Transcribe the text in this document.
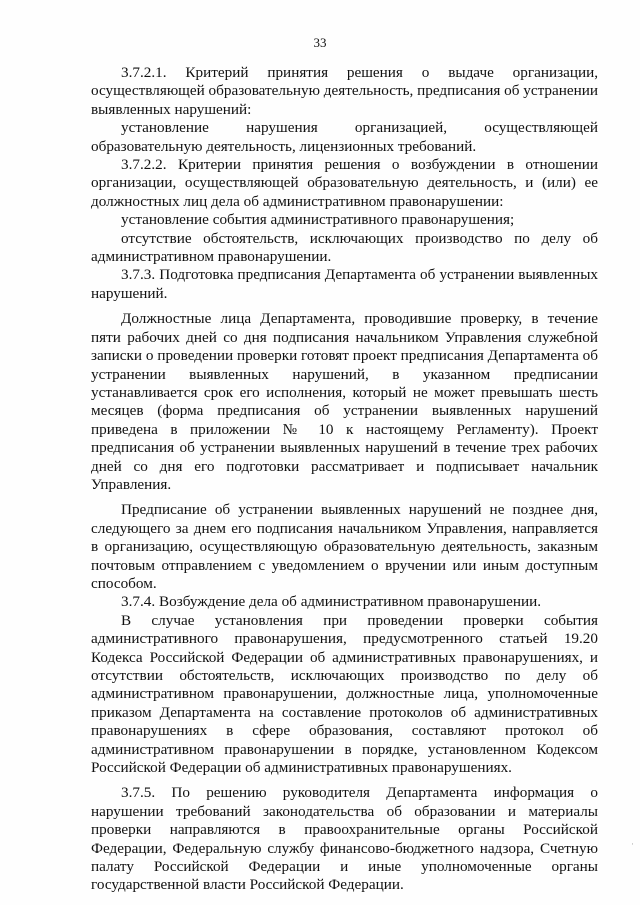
33

3.7.2.1. Критерий принятия решения о выдаче организации, осуществляющей образовательную деятельность, предписания об устранении выявленных нарушений:

установление нарушения организацией, осуществляющей образовательную деятельность, лицензионных требований.

3.7.2.2. Критерии принятия решения о возбуждении в отношении организации, осуществляющей образовательную деятельность, и (или) ее должностных лиц дела об административном правонарушении:

установление события административного правонарушения;

отсутствие обстоятельств, исключающих производство по делу об административном правонарушении.

3.7.3. Подготовка предписания Департамента об устранении выявленных нарушений.

Должностные лица Департамента, проводившие проверку, в течение пяти рабочих дней со дня подписания начальником Управления служебной записки о проведении проверки готовят проект предписания Департамента об устранении выявленных нарушений, в указанном предписании устанавливается срок его исполнения, который не может превышать шесть месяцев (форма предписания об устранении выявленных нарушений приведена в приложении № 10 к настоящему Регламенту). Проект предписания об устранении выявленных нарушений в течение трех рабочих дней со дня его подготовки рассматривает и подписывает начальник Управления.

Предписание об устранении выявленных нарушений не позднее дня, следующего за днем его подписания начальником Управления, направляется в организацию, осуществляющую образовательную деятельность, заказным почтовым отправлением с уведомлением о вручении или иным доступным способом.

3.7.4. Возбуждение дела об административном правонарушении.

В случае установления при проведении проверки события административного правонарушения, предусмотренного статьей 19.20 Кодекса Российской Федерации об административных правонарушениях, и отсутствии обстоятельств, исключающих производство по делу об административном правонарушении, должностные лица, уполномоченные приказом Департамента на составление протоколов об административных правонарушениях в сфере образования, составляют протокол об административном правонарушении в порядке, установленном Кодексом Российской Федерации об административных правонарушениях.

3.7.5. По решению руководителя Департамента информация о нарушении требований законодательства об образовании и материалы проверки направляются в правоохранительные органы Российской Федерации, Федеральную службу финансово-бюджетного надзора, Счетную палату Российской Федерации и иные уполномоченные органы государственной власти Российской Федерации.

·
